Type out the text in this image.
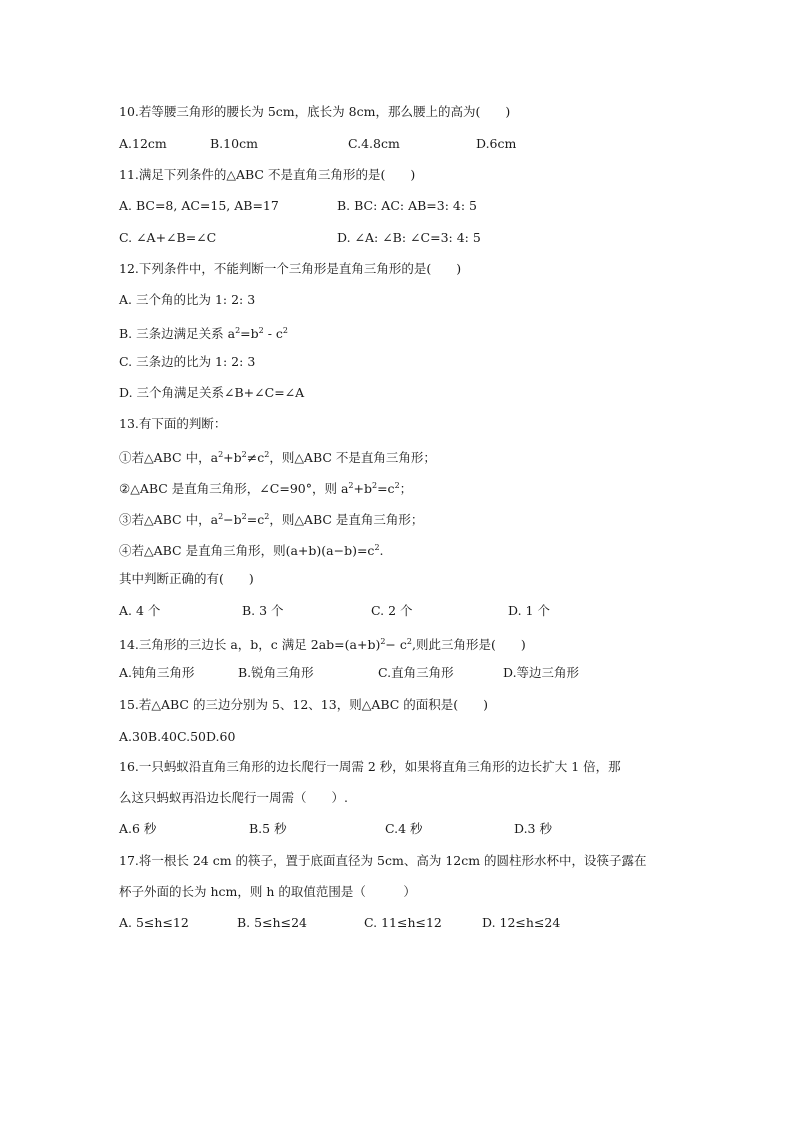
10.若等腰三角形的腰长为 5cm，底长为 8cm，那么腰上的高为(　　)
A.12cm	B.10cm	C.4.8cm	D.6cm
11.满足下列条件的△ABC 不是直角三角形的是(　　)
A. BC=8, AC=15, AB=17	B. BC: AC: AB=3: 4: 5
C. ∠A+∠B=∠C	D. ∠A: ∠B: ∠C=3: 4: 5
12.下列条件中，不能判断一个三角形是直角三角形的是(　　)
A. 三个角的比为 1: 2: 3
B. 三条边满足关系 $a^2=b^2 - c^2$
C. 三条边的比为 1: 2: 3
D. 三个角满足关系∠B+∠C=∠A
13.有下面的判断：
①若△ABC 中，$a^2+b^2\ne c^2$，则△ABC 不是直角三角形；
②△ABC 是直角三角形，∠C=90°，则 $a^2+b^2=c^2$；
③若△ABC 中，$a^2-b^2=c^2$，则△ABC 是直角三角形；
④若△ABC 是直角三角形，则$(a+b)(a-b)=c^2$.
其中判断正确的有(　　)
A. 4 个	B. 3 个	C. 2 个	D. 1 个
14.三角形的三边长 a，b，c 满足 $2ab=(a+b)^2- c^2$,则此三角形是(　　)
A.钝角三角形	B.锐角三角形	C.直角三角形	D.等边三角形
15.若△ABC 的三边分别为 5、12、13，则△ABC 的面积是(　　)
A.30B.40C.50D.60
16.一只蚂蚁沿直角三角形的边长爬行一周需 2 秒，如果将直角三角形的边长扩大 1 倍，那
么这只蚂蚁再沿边长爬行一周需（　　）.
A.6 秒	B.5 秒	C.4 秒	D.3 秒
17.将一根长 24 cm 的筷子，置于底面直径为 5cm、高为 12cm 的圆柱形水杯中，设筷子露在
杯子外面的长为 hcm，则 h 的取值范围是（　　　）
A. 5≤h≤12	B. 5≤h≤24	C. 11≤h≤12	D. 12≤h≤24
